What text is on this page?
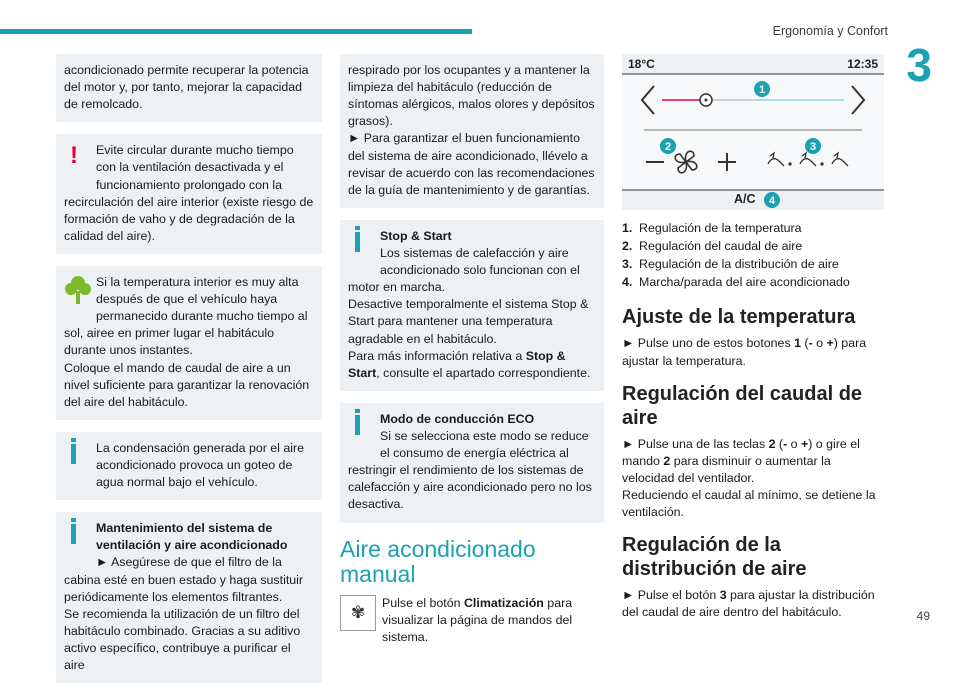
Ergonomía y Confort
3

acondicionado permite recuperar la potencia del motor y, por tanto, mejorar la capacidad de remolcado.

!	Evite circular durante mucho tiempo con la ventilación desactivada y el funcionamiento prolongado con la recirculación del aire interior (existe riesgo de formación de vaho y de degradación de la calidad del aire).

Si la temperatura interior es muy alta después de que el vehículo haya permanecido durante mucho tiempo al sol, airee en primer lugar el habitáculo durante unos instantes.
Coloque el mando de caudal de aire a un nivel suficiente para garantizar la renovación del aire del habitáculo.

La condensación generada por el aire acondicionado provoca un goteo de agua normal bajo el vehículo.

Mantenimiento del sistema de ventilación y aire acondicionado

► Asegúrese de que el filtro de la cabina esté en buen estado y haga sustituir periódicamente los elementos filtrantes.
Se recomienda la utilización de un filtro del habitáculo combinado. Gracias a su aditivo activo específico, contribuye a purificar el aire

respirado por los ocupantes y a mantener la limpieza del habitáculo (reducción de síntomas alérgicos, malos olores y depósitos grasos).
► Para garantizar el buen funcionamiento del sistema de aire acondicionado, llévelo a revisar de acuerdo con las recomendaciones de la guía de mantenimiento y de garantías.

Stop & Start

Los sistemas de calefacción y aire acondicionado solo funcionan con el motor en marcha.
Desactive temporalmente el sistema Stop & Start para mantener una temperatura agradable en el habitáculo.
Para más información relativa a Stop & Start, consulte el apartado correspondiente.

Modo de conducción ECO

Si se selecciona este modo se reduce el consumo de energía eléctrica al restringir el rendimiento de los sistemas de calefacción y aire acondicionado pero no los desactiva.

Aire acondicionado manual
✾	Pulse el botón Climatización para visualizar la página de mandos del sistema.
1
2	3
4
18°C	12:35
A/C
1. Regulación de la temperatura
2. Regulación del caudal de aire
3. Regulación de la distribución de aire
4. Marcha/parada del aire acondicionado
Ajuste de la temperatura

► Pulse uno de estos botones 1 (- o +) para ajustar la temperatura.

Regulación del caudal de aire

► Pulse una de las teclas 2 (- o +) o gire el mando 2 para disminuir o aumentar la velocidad del ventilador.
Reduciendo el caudal al mínimo, se detiene la ventilación.

Regulación de la distribución de aire

► Pulse el botón 3 para ajustar la distribución del caudal de aire dentro del habitáculo.	49
